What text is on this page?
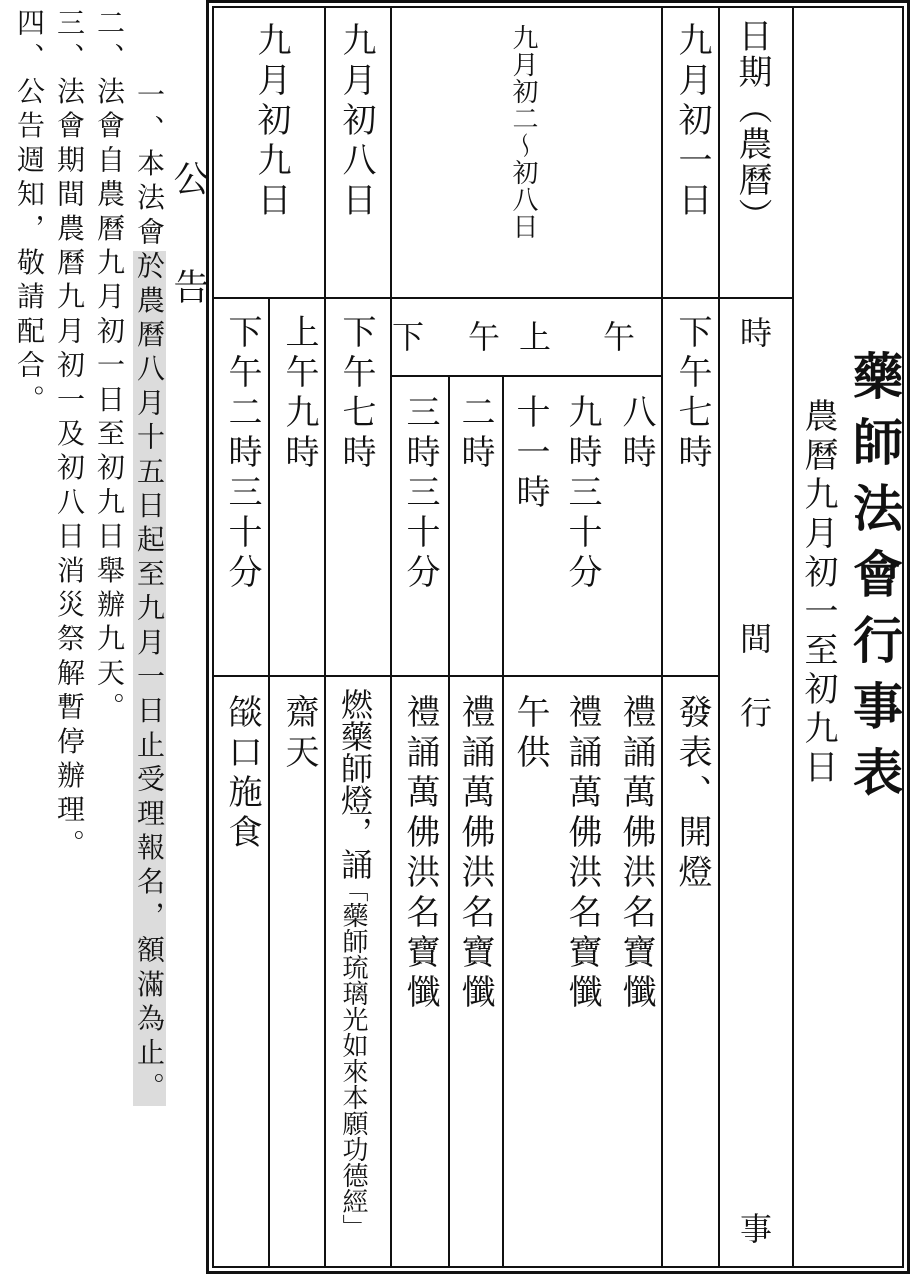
公　　告
一、本法會於農曆八月十五日起至九月一日止受理報名，額滿為止。
二、法會自農曆九月初一日至初九日舉辦九天。
三、法會期間農曆九月初一及初八日消災祭解暫停辦理。
四、公告週知，敬請配合。
藥師法會行事表
農曆九月初一至初九日
日期（農曆）
時
間
行
事
九月初一日
九月初二～初八日
九月初八日
九月初九日
上　午
下　午	下午七時
八時
九時三十分
十一時
二時
三時三十分
下午七時
上午九時
下午二時三十分
發表、開燈
禮誦萬佛洪名寶懺
禮誦萬佛洪名寶懺
午供
禮誦萬佛洪名寶懺
禮誦萬佛洪名寶懺
燃藥師燈，誦
「藥師琉璃光如來本願功德經」
齋天
燄口施食
